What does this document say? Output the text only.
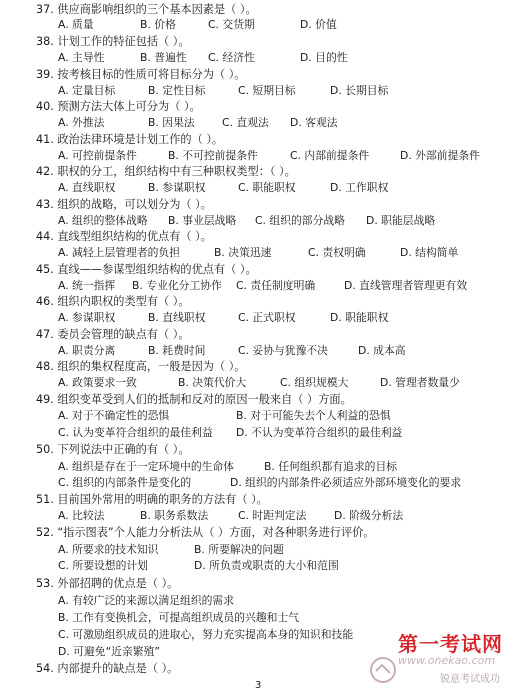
37. 供应商影响组织的三个基本因素是（ ）。
A. 质量	B. 价格	C. 交货期	D. 价值
38. 计划工作的特征包括（ ）。
A. 主导性	B. 普遍性 C. 经济性	D. 目的性
39. 按考核目标的性质可将目标分为（ ）。
A. 定量目标	B. 定性目标	C. 短期目标	D. 长期目标
40. 预测方法大体上可分为（ ）。
A. 外推法	B. 因果法	C. 直观法 D. 客观法
41. 政治法律环境是计划工作的（ ）。
A. 可控前提条件	B. 不可控前提条件	C. 内部前提条件	D. 外部前提条件
42. 职权的分工，组织结构中有三种职权类型：（ ）。
A. 直线职权	B. 参谋职权	C. 职能职权	D. 工作职权
43. 组织的战略，可以划分为（ ）。
A. 组织的整体战略 B. 事业层战略 C. 组织的部分战略 D. 职能层战略
44. 直线型组织结构的优点有（ ）。
A. 减轻上层管理者的负担	B. 决策迅速	C. 责权明确	D. 结构简单
45. 直线——参谋型组织结构的优点有（ ）。
A. 统一指挥 B. 专业化分工协作 C. 责任制度明确	D. 直线管理者管理更有效
46. 组织内职权的类型有（ ）。
A. 参谋职权	B. 直线职权	C. 正式职权	D. 职能职权
47. 委员会管理的缺点有（ ）。
A. 职责分离	B. 耗费时间	C. 妥协与犹豫不决	D. 成本高
48. 组织的集权程度高，一般是因为（ ）。
A. 政策要求一致	B. 决策代价大	C. 组织规模大	D. 管理者数量少
49. 组织变革受到人们的抵制和反对的原因一般来自（ ）方面。
A. 对于不确定性的恐惧	B. 对于可能失去个人利益的恐惧
C. 认为变革符合组织的最佳利益 D. 不认为变革符合组织的最佳利益
50. 下列说法中正确的有（ ）。
A. 组织是存在于一定环境中的生命体	B. 任何组织都有追求的目标
C. 组织的内部条件是变化的	D. 组织的内部条件必须适应外部环境变化的要求
51. 目前国外常用的明确的职务的方法有（ ）。
A. 比较法	B. 职务系数法	C. 时距判定法	D. 阶级分析法
52. “指示图表”个人能力分析法从（ ）方面，对各种职务进行评价。
A. 所要求的技术知识	B. 所要解决的问题
C. 所要设想的计划	D. 所负责或职责的大小和范围
53. 外部招聘的优点是（ ）。
A. 有较广泛的来源以满足组织的需求
B. 工作有变换机会，可提高组织成员的兴趣和士气
C. 可激励组织成员的进取心，努力充实提高本身的知识和技能
D. 可避免“近亲繁殖”
54. 内部提升的缺点是（ ）。
3
第一考试网
www.onekao.com
锐意考试成功
